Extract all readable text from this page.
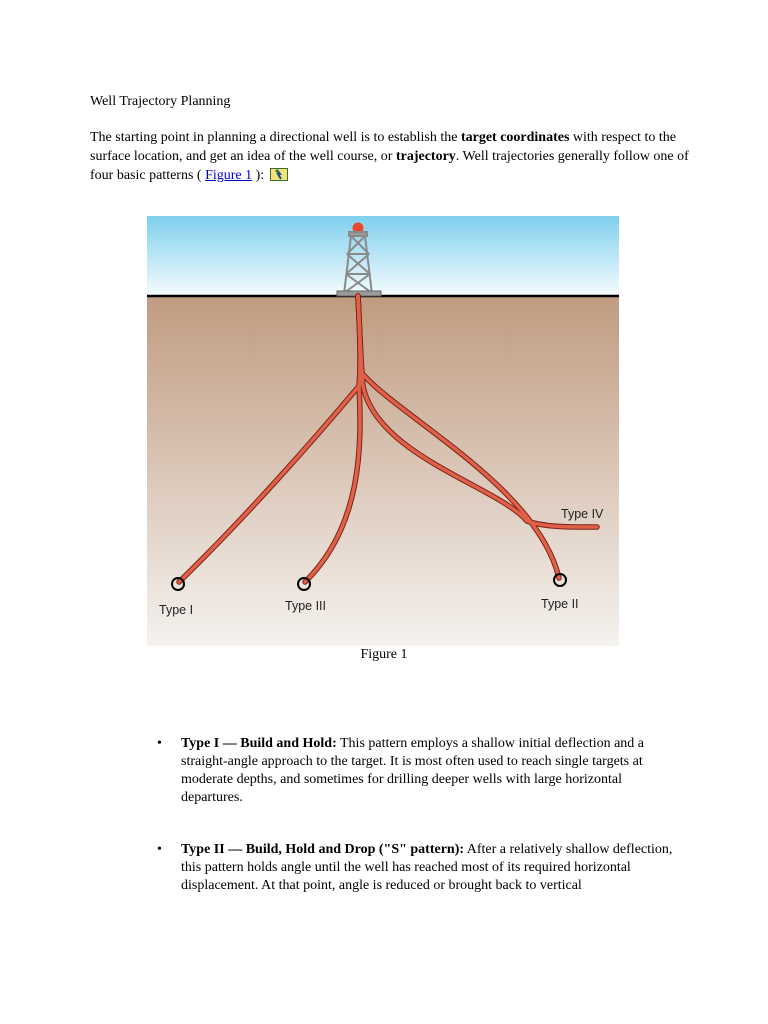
Well Trajectory Planning

The starting point in planning a directional well is to establish the target coordinates with respect to the surface location, and get an idea of the well course, or trajectory. Well trajectories generally follow one of four basic patterns ( Figure 1 ):

Type I	Type III	Type II
Type IV
Figure 1
• Type I — Build and Hold: This pattern employs a shallow initial deflection and a straight-angle approach to the target. It is most often used to reach single targets at moderate depths, and sometimes for drilling deeper wells with large horizontal departures.
• Type II — Build, Hold and Drop ("S" pattern): After a relatively shallow deflection, this pattern holds angle until the well has reached most of its required horizontal displacement. At that point, angle is reduced or brought back to vertical
